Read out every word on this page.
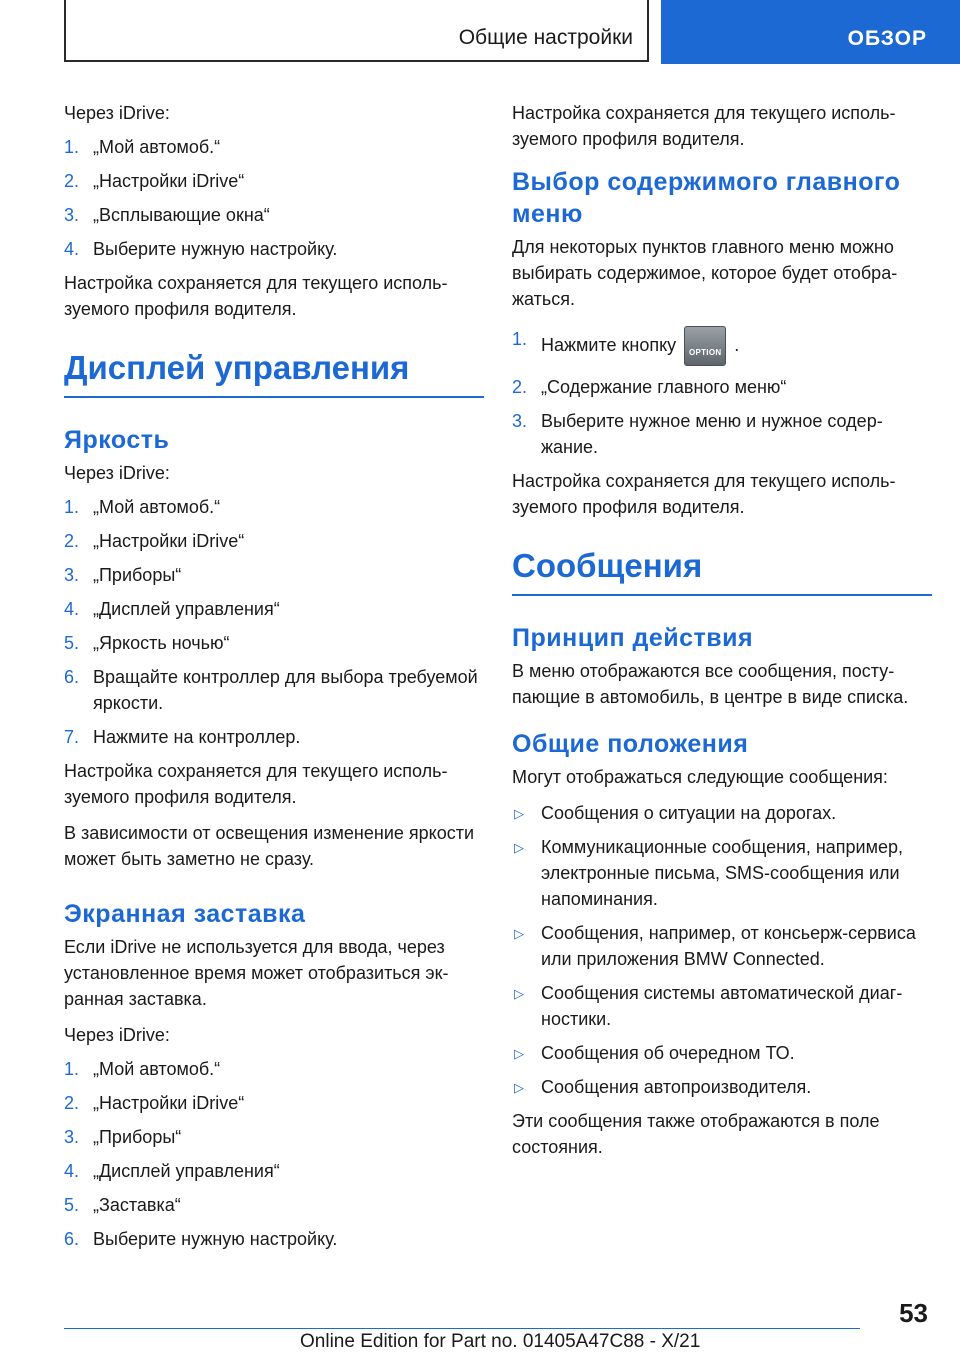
Общие настройки	ОБЗОР

Через iDrive:

1. „Мой автомоб.“
2. „Настройки iDrive“
3. „Всплывающие окна“
4. Выберите нужную настройку.

Настройка сохраняется для текущего используемого профиля водителя.

Дисплей управления
Яркость

Через iDrive:

1. „Мой автомоб.“
2. „Настройки iDrive“
3. „Приборы“
4. „Дисплей управления“
5. „Яркость ночью“
6. Вращайте контроллер для выбора требуемой яркости.
7. Нажмите на контроллер.

Настройка сохраняется для текущего используемого профиля водителя.

В зависимости от освещения изменение яркости может быть заметно не сразу.

Экранная заставка

Если iDrive не используется для ввода, через установленное время может отобразиться экранная заставка.

Через iDrive:

1. „Мой автомоб.“
2. „Настройки iDrive“
3. „Приборы“
4. „Дисплей управления“
5. „Заставка“
6. Выберите нужную настройку.

Настройка сохраняется для текущего используемого профиля водителя.

Выбор содержимого главного меню

Для некоторых пунктов главного меню можно выбирать содержимое, которое будет отображаться.

1. Нажмите кнопку	OPTION .
2. „Содержание главного меню“
3. Выберите нужное меню и нужное содержание.

Настройка сохраняется для текущего используемого профиля водителя.

Сообщения
Принцип действия

В меню отображаются все сообщения, поступающие в автомобиль, в центре в виде списка.

Общие положения

Могут отображаться следующие сообщения:

▷ Сообщения о ситуации на дорогах.
▷ Коммуникационные сообщения, например, электронные письма, SMS-сообщения или напоминания.
▷ Сообщения, например, от консьерж-сервиса или приложения BMW Connected.
▷ Сообщения системы автоматической диагностики.
▷ Сообщения об очередном ТО.
▷ Сообщения автопроизводителя.

Эти сообщения также отображаются в поле состояния.

53
Online Edition for Part no. 01405A47C88 - X/21
